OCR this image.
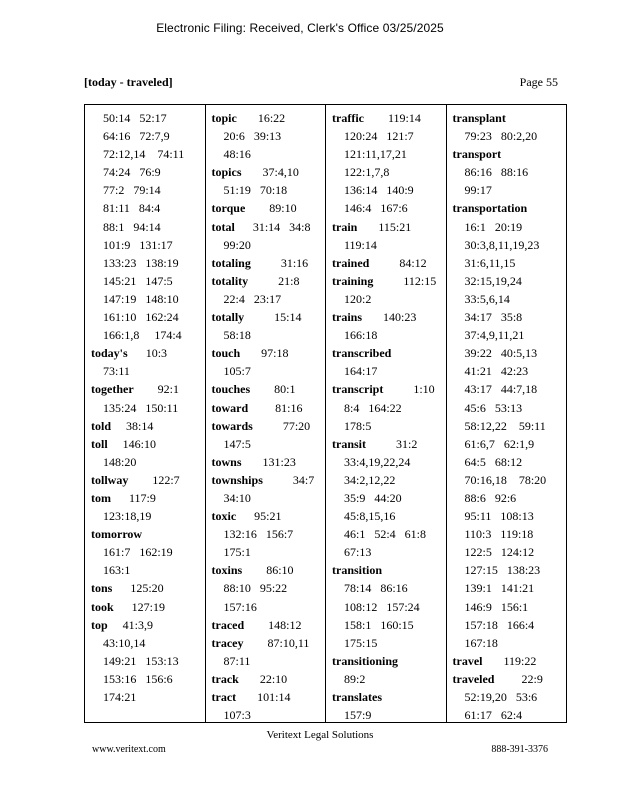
Electronic Filing: Received, Clerk's Office 03/25/2025
[today - traveled]	Page 55
50:14   52:17
64:16   72:7,9
72:12,14    74:11
74:24   76:9
77:2   79:14
81:11   84:4
88:1   94:14
101:9   131:17
133:23   138:19
145:21   147:5
147:19   148:10
161:10   162:24
166:1,8     174:4
today's      10:3
73:11
together        92:1
135:24   150:11
told     38:14
toll     146:10
148:20
tollway        122:7
tom      117:9
123:18,19
tomorrow
161:7   162:19
163:1
tons      125:20
took      127:19
top     41:3,9
43:10,14
149:21   153:13
153:16   156:6
174:21
topic       16:22
20:6   39:13
48:16
topics       37:4,10
51:19   70:18
torque        89:10
total      31:14   34:8
99:20
totaling          31:16
totality          21:8
22:4   23:17
totally          15:14
58:18
touch       97:18
105:7
touches        80:1
toward         81:16
towards          77:20
147:5
towns       131:23
townships          34:7
34:10
toxic      95:21
132:16   156:7
175:1
toxins        86:10
88:10   95:22
157:16
traced        148:12
tracey        87:10,11
87:11
track       22:10
tract       101:14
107:3
traffic        119:14
120:24   121:7
121:11,17,21
122:1,7,8
136:14   140:9
146:4   167:6
train       115:21
119:14
trained          84:12
training          112:15
120:2
trains       140:23
166:18
transcribed
164:17
transcript          1:10
8:4   164:22
178:5
transit          31:2
33:4,19,22,24
34:2,12,22
35:9   44:20
45:8,15,16
46:1   52:4   61:8
67:13
transition
78:14   86:16
108:12   157:24
158:1   160:15
175:15
transitioning
89:2
translates
157:9
transplant
79:23   80:2,20
transport
86:16   88:16
99:17
transportation
16:1   20:19
30:3,8,11,19,23
31:6,11,15
32:15,19,24
33:5,6,14
34:17   35:8
37:4,9,11,21
39:22   40:5,13
41:21   42:23
43:17   44:7,18
45:6   53:13
58:12,22    59:11
61:6,7   62:1,9
64:5   68:12
70:16,18    78:20
88:6   92:6
95:11   108:13
110:3   119:18
122:5   124:12
127:15   138:23
139:1   141:21
146:9   156:1
157:18   166:4
167:18
travel       119:22
traveled         22:9
52:19,20   53:6
61:17   62:4
Veritext Legal Solutions
www.veritext.com	888-391-3376
